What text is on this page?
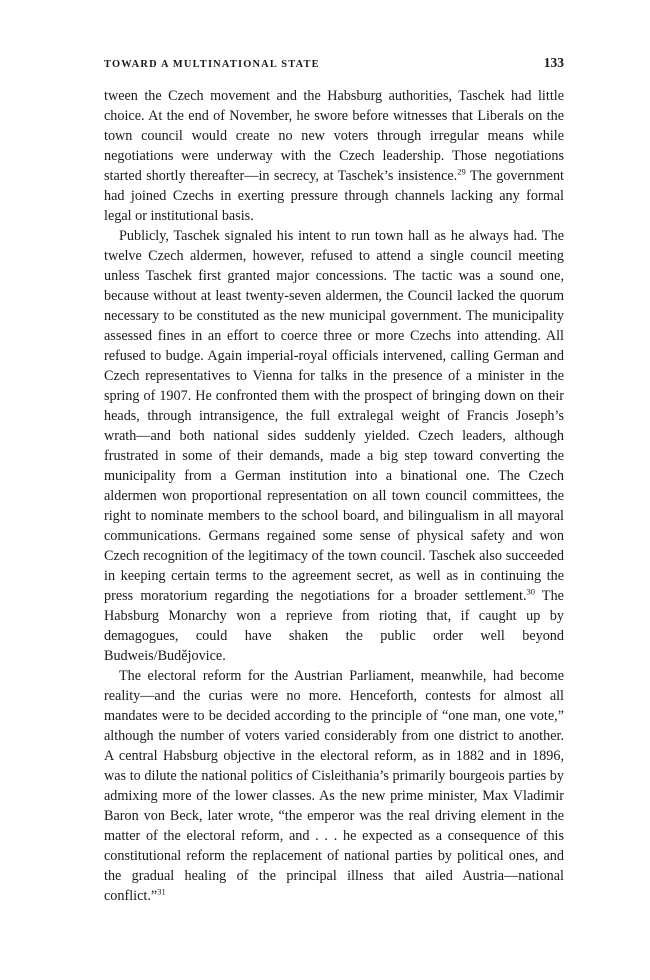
TOWARD A MULTINATIONAL STATE	133

tween the Czech movement and the Habsburg authorities, Taschek had little choice. At the end of November, he swore before witnesses that Liberals on the town council would create no new voters through irregular means while negotiations were underway with the Czech leadership. Those negotiations started shortly thereafter—in secrecy, at Taschek’s insistence.$^{29}$ The government had joined Czechs in exerting pressure through channels lacking any formal legal or institutional basis.

Publicly, Taschek signaled his intent to run town hall as he always had. The twelve Czech aldermen, however, refused to attend a single council meeting unless Taschek first granted major concessions. The tactic was a sound one, because without at least twenty-seven aldermen, the Council lacked the quorum necessary to be constituted as the new municipal government. The municipality assessed fines in an effort to coerce three or more Czechs into attending. All refused to budge. Again imperial-royal officials intervened, calling German and Czech representatives to Vienna for talks in the presence of a minister in the spring of 1907. He confronted them with the prospect of bringing down on their heads, through intransigence, the full extralegal weight of Francis Joseph’s wrath—and both national sides suddenly yielded. Czech leaders, although frustrated in some of their demands, made a big step toward converting the municipality from a German institution into a binational one. The Czech aldermen won proportional representation on all town council committees, the right to nominate members to the school board, and bilingualism in all mayoral communications. Germans regained some sense of physical safety and won Czech recognition of the legitimacy of the town council. Taschek also succeeded in keeping certain terms to the agreement secret, as well as in continuing the press moratorium regarding the negotiations for a broader settlement.$^{30}$ The Habsburg Monarchy won a reprieve from rioting that, if caught up by demagogues, could have shaken the public order well beyond Budweis/Budějovice.

The electoral reform for the Austrian Parliament, meanwhile, had become reality—and the curias were no more. Henceforth, contests for almost all mandates were to be decided according to the principle of “one man, one vote,” although the number of voters varied considerably from one district to another. A central Habsburg objective in the electoral reform, as in 1882 and in 1896, was to dilute the national politics of Cisleithania’s primarily bourgeois parties by admixing more of the lower classes. As the new prime minister, Max Vladimir Baron von Beck, later wrote, “the emperor was the real driving element in the matter of the electoral reform, and . . . he expected as a consequence of this constitutional reform the replacement of national parties by political ones, and the gradual healing of the principal illness that ailed Austria—national conflict.”$^{31}$
